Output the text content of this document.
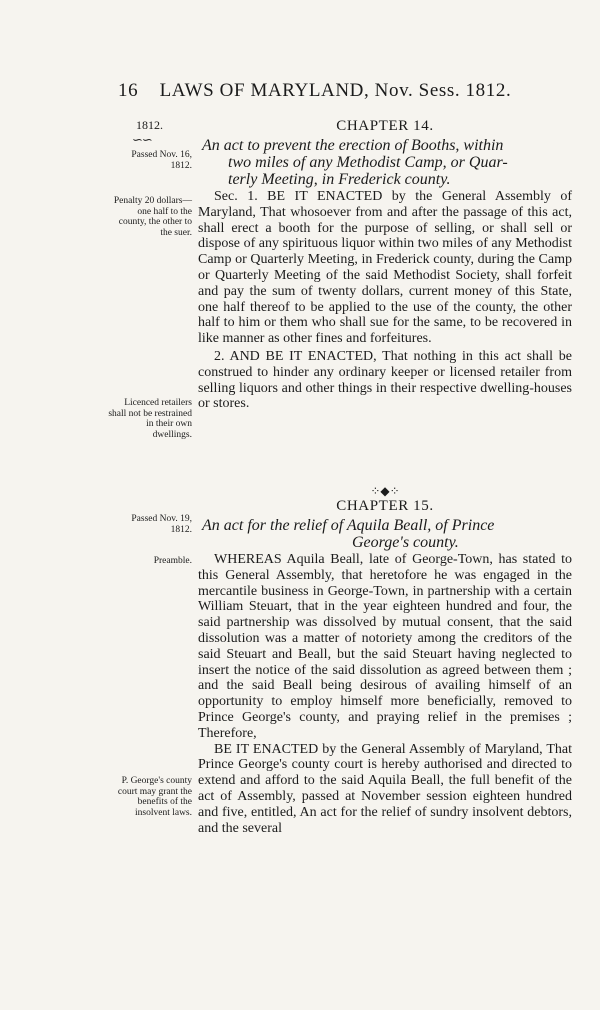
16 LAWS OF MARYLAND, Nov. Sess. 1812.
1812.
∽∽
Passed Nov. 16, 1812.
Penalty 20 dollars—one half to the county, the other to the suer.
Licenced retailers shall not be restrained in their own dwellings.
Passed Nov. 19, 1812.
Preamble.
P. George's county court may grant the benefits of the insolvent laws.
CHAPTER 14.
An act to prevent the erection of Booths, within
two miles of any Methodist Camp, or Quar-
terly Meeting, in Frederick county.

Sec. 1. BE IT ENACTED by the General Assembly of Maryland, That whosoever from and after the passage of this act, shall erect a booth for the purpose of selling, or shall sell or dispose of any spirituous liquor within two miles of any Methodist Camp or Quarterly Meeting, in Frederick county, during the Camp or Quarterly Meeting of the said Methodist Society, shall forfeit and pay the sum of twenty dollars, current money of this State, one half thereof to be applied to the use of the county, the other half to him or them who shall sue for the same, to be recovered in like manner as other fines and forfeitures.

2. AND BE IT ENACTED, That nothing in this act shall be construed to hinder any ordinary keeper or licensed retailer from selling liquors and other things in their respective dwelling-houses or stores.

⁘◆⁘
CHAPTER 15.
An act for the relief of Aquila Beall, of Prince
George's county.

WHEREAS Aquila Beall, late of George-Town, has stated to this General Assembly, that heretofore he was engaged in the mercantile business in George-Town, in partnership with a certain William Steuart, that in the year eighteen hundred and four, the said partnership was dissolved by mutual consent, that the said dissolution was a matter of notoriety among the creditors of the said Steuart and Beall, but the said Steuart having neglected to insert the notice of the said dissolution as agreed between them ; and the said Beall being desirous of availing himself of an opportunity to employ himself more beneficially, removed to Prince George's county, and praying relief in the premises ; Therefore,

BE IT ENACTED by the General Assembly of Maryland, That Prince George's county court is hereby authorised and directed to extend and afford to the said Aquila Beall, the full benefit of the act of Assembly, passed at November session eighteen hundred and five, entitled, An act for the relief of sundry insolvent debtors, and the several
